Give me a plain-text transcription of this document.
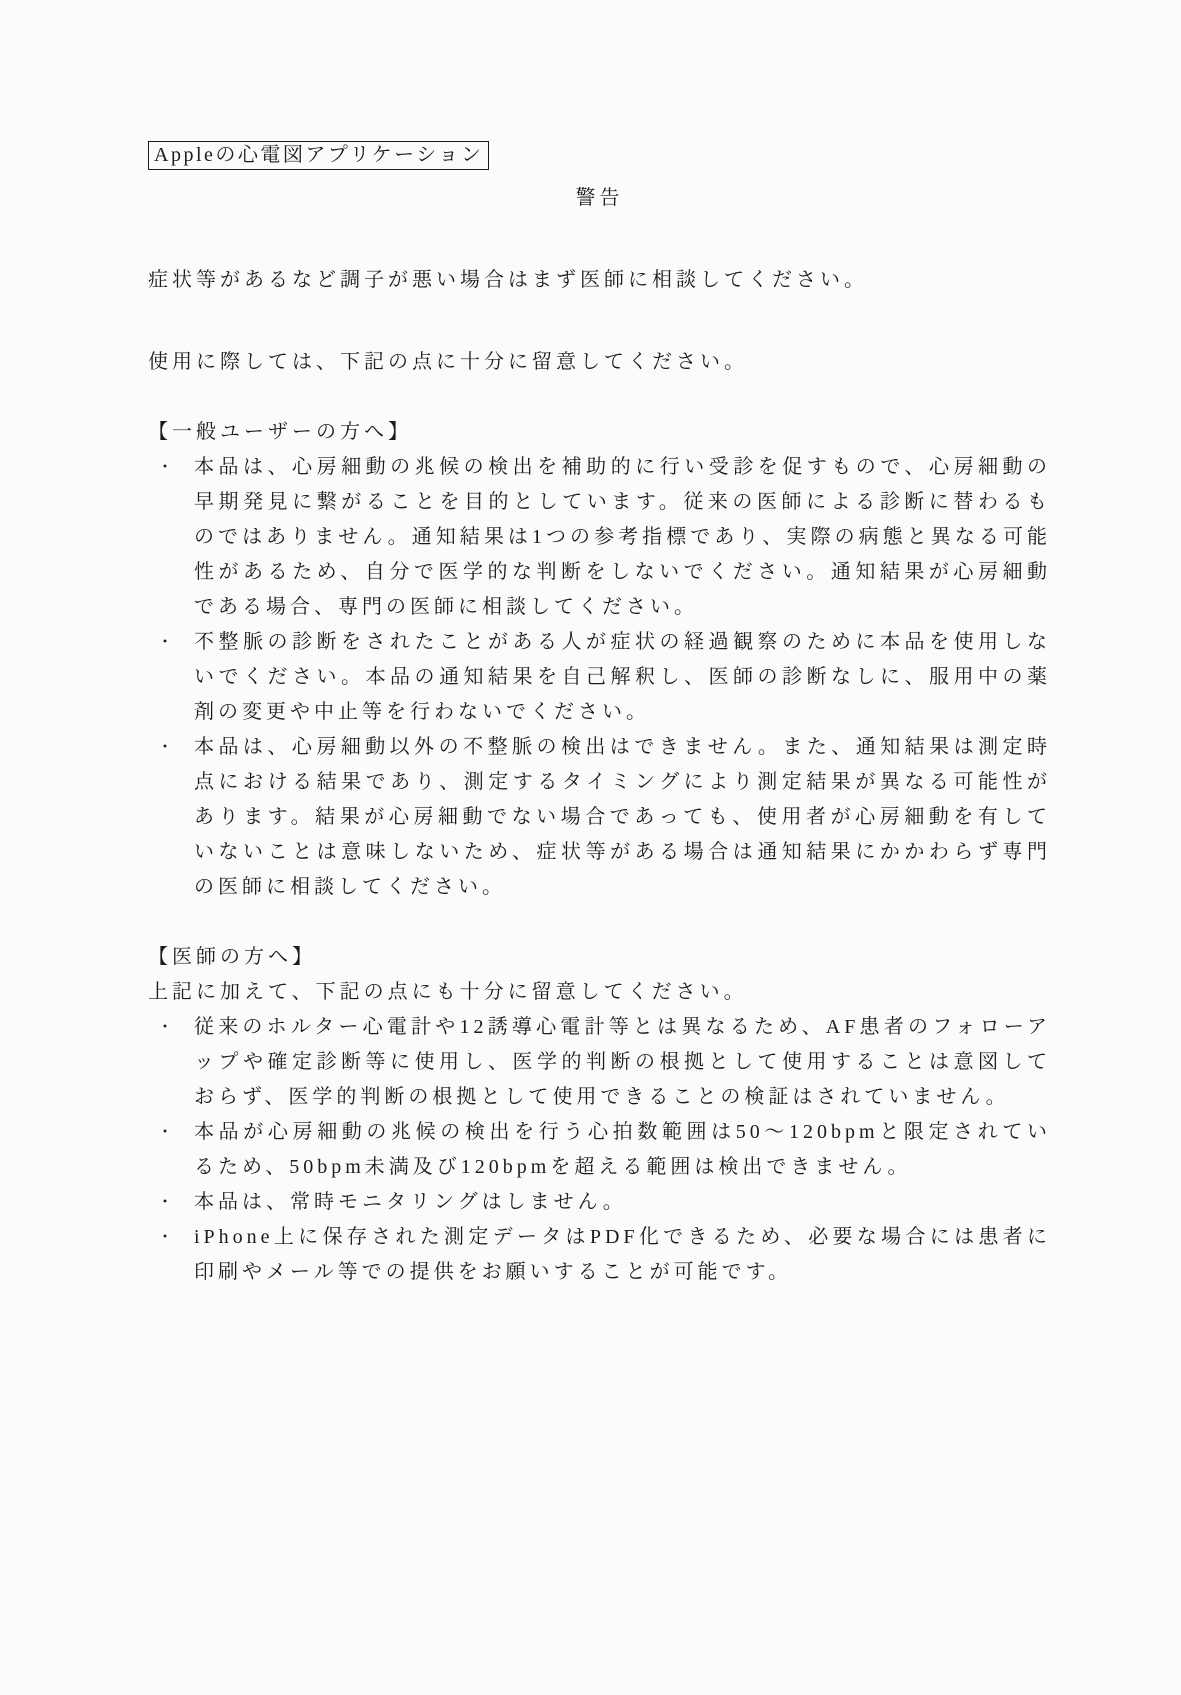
Appleの心電図アプリケーション
警告

症状等があるなど調子が悪い場合はまず医師に相談してください。

使用に際しては、下記の点に十分に留意してください。

【一般ユーザーの方へ】
・ 本品は、心房細動の兆候の検出を補助的に行い受診を促すもので、心房細動の早期発見に繋がることを目的としています。従来の医師による診断に替わるものではありません。通知結果は1つの参考指標であり、実際の病態と異なる可能性があるため、自分で医学的な判断をしないでください。通知結果が心房細動である場合、専門の医師に相談してください。
・ 不整脈の診断をされたことがある人が症状の経過観察のために本品を使用しないでください。本品の通知結果を自己解釈し、医師の診断なしに、服用中の薬剤の変更や中止等を行わないでください。
・ 本品は、心房細動以外の不整脈の検出はできません。また、通知結果は測定時点における結果であり、測定するタイミングにより測定結果が異なる可能性があります。結果が心房細動でない場合であっても、使用者が心房細動を有していないことは意味しないため、症状等がある場合は通知結果にかかわらず専門の医師に相談してください。
【医師の方へ】

上記に加えて、下記の点にも十分に留意してください。

・ 従来のホルター心電計や12誘導心電計等とは異なるため、AF患者のフォローアップや確定診断等に使用し、医学的判断の根拠として使用することは意図しておらず、医学的判断の根拠として使用できることの検証はされていません。
・ 本品が心房細動の兆候の検出を行う心拍数範囲は50〜120bpmと限定されているため、50bpm未満及び120bpmを超える範囲は検出できません。
・ 本品は、常時モニタリングはしません。
・ iPhone上に保存された測定データはPDF化できるため、必要な場合には患者に印刷やメール等での提供をお願いすることが可能です。
